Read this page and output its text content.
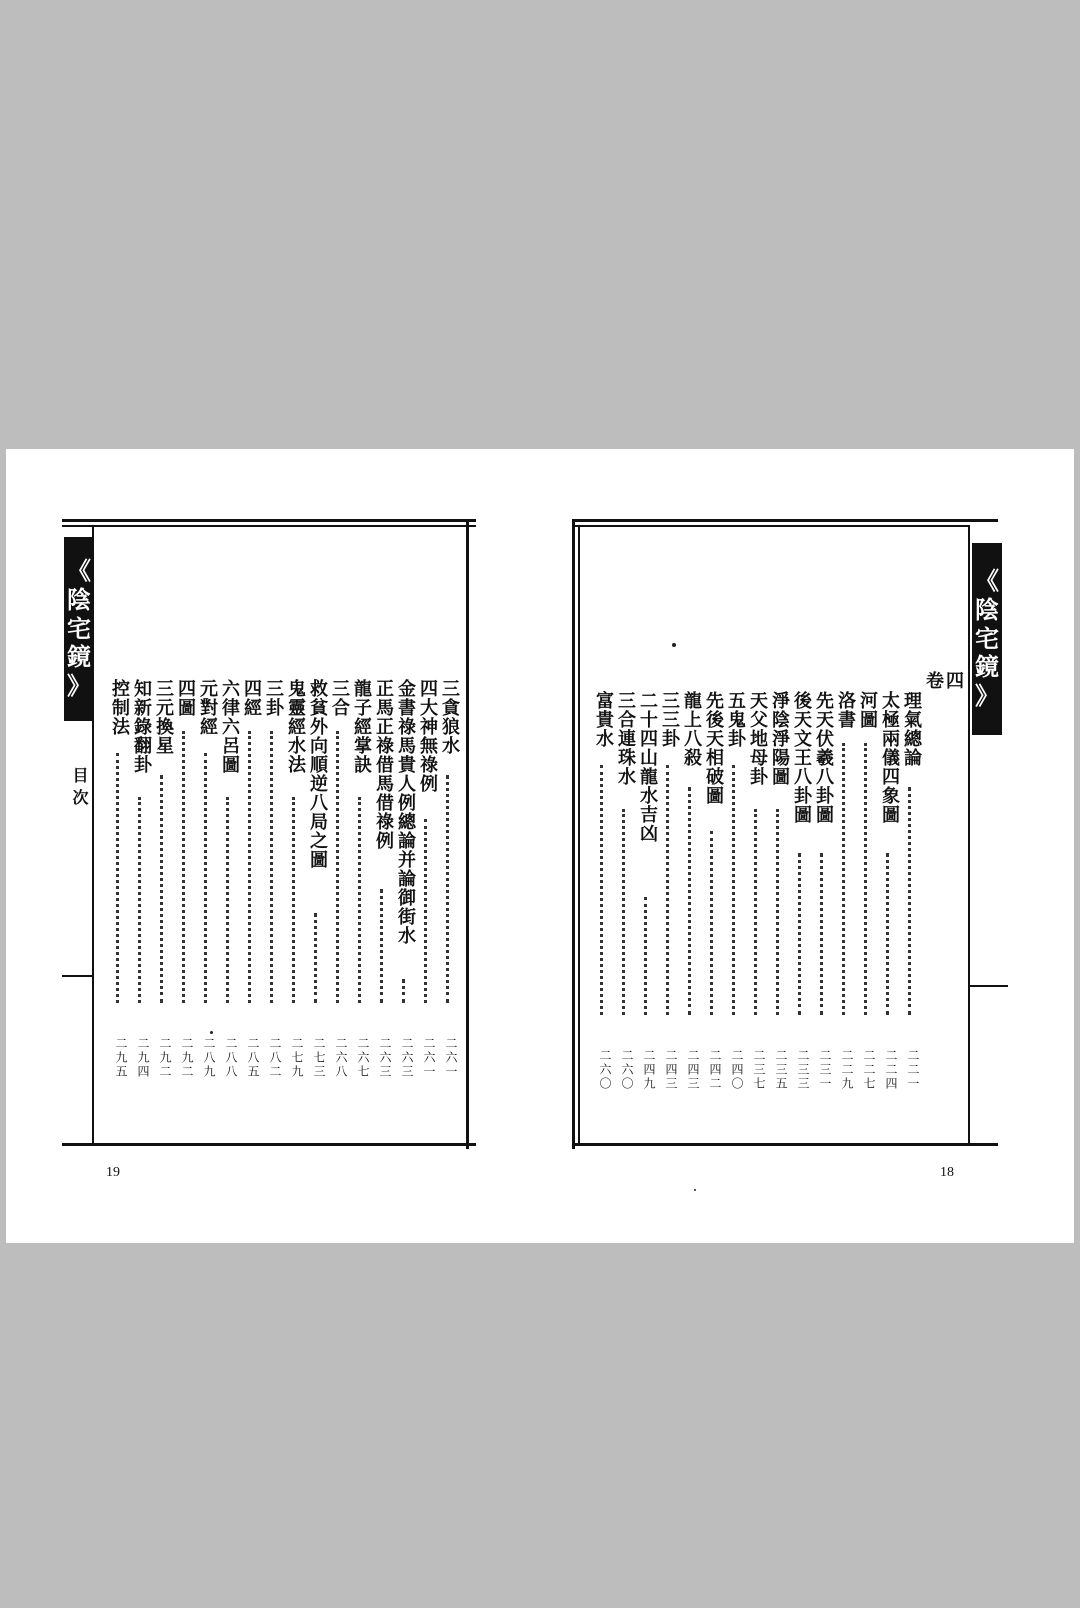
《
陰
宅
鏡
》
目次
三貪狼水
二六一
四大神無祿例
二六一
金書祿馬貴人例總論并論御街水
二六三
正馬正祿借馬借祿例
二六三
龍子經掌訣
二六七
三合
二六八
救貧外向順逆八局之圖
二七三
鬼靈經水法
二七九
三卦
二八二
四經
二八五
六律六呂圖
二八八
元對經
二八九
四圖
二九二
三元換星
二九二
知新錄翻卦
二九四
控制法
二九五
19
《
陰
宅
鏡
》
卷四
理氣總論
二二一
太極兩儀四象圖
二二四
河圖
二二七
洛書
二二九
先天伏羲八卦圖
二三一
後天文王八卦圖
二三三
淨陰淨陽圖
二三五
天父地母卦
二三七
五鬼卦
二四〇
先後天相破圖
二四二
龍上八殺
二四三
三三卦
二四三
二十四山龍水吉凶
二四九
三合連珠水
二六〇
富貴水
二六〇
18
